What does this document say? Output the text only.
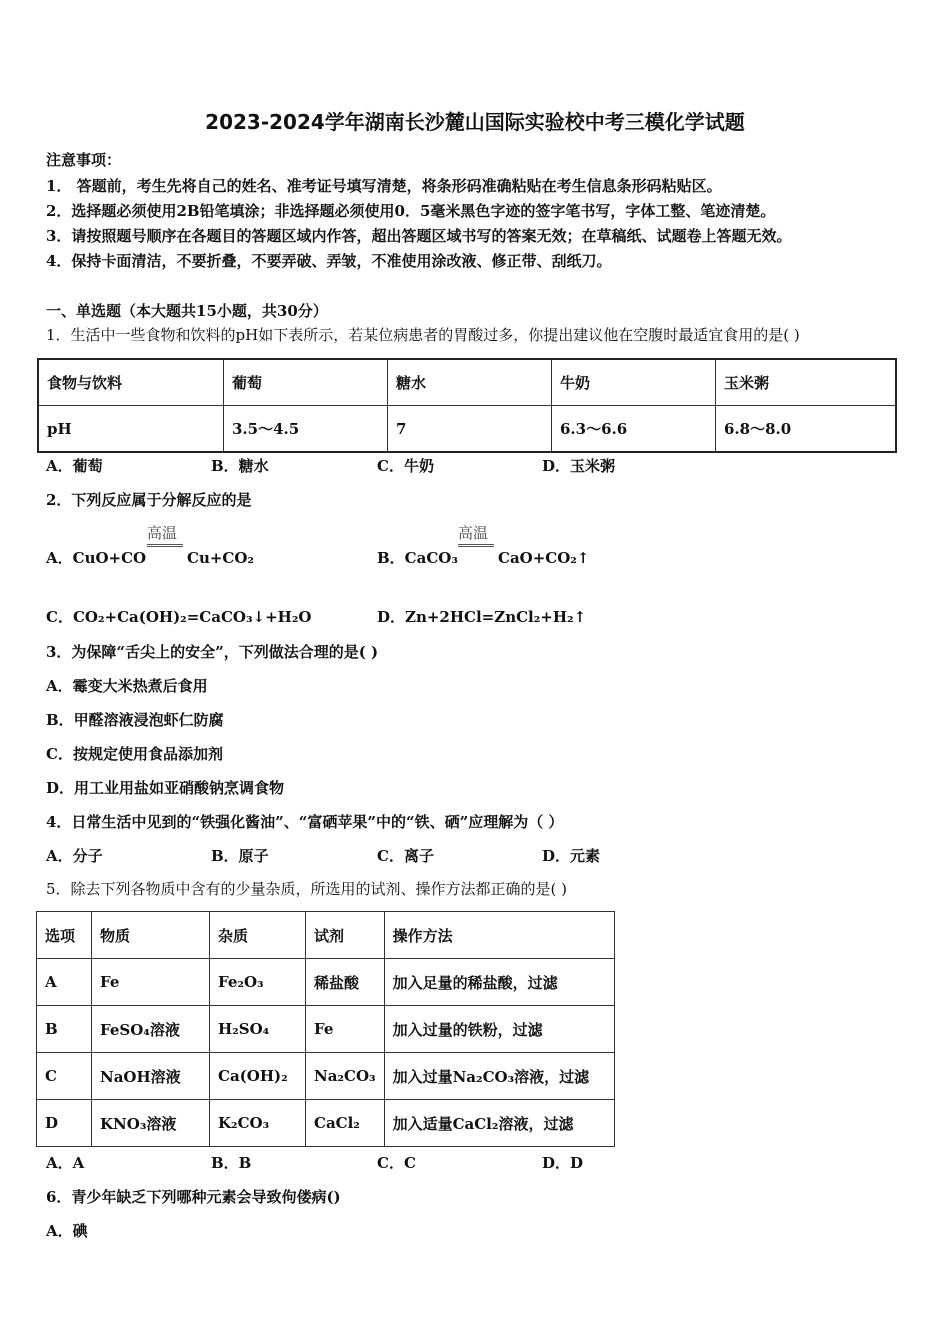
2023-2024学年湖南长沙麓山国际实验校中考三模化学试题
注意事项：
1． 答题前，考生先将自己的姓名、准考证号填写清楚，将条形码准确粘贴在考生信息条形码粘贴区。
2．选择题必须使用2B铅笔填涂；非选择题必须使用0．5毫米黑色字迹的签字笔书写，字体工整、笔迹清楚。
3．请按照题号顺序在各题目的答题区域内作答，超出答题区域书写的答案无效；在草稿纸、试题卷上答题无效。
4．保持卡面清洁，不要折叠，不要弄破、弄皱，不准使用涂改液、修正带、刮纸刀。
一、单选题（本大题共15小题，共30分）
1．生活中一些食物和饮料的pH如下表所示，若某位病患者的胃酸过多，你提出建议他在空腹时最适宜食用的是( )
食物与饮料	葡萄	糖水	牛奶	玉米粥
pH	3.5～4.5	7	6.3～6.6	6.8～8.0
A．葡萄	B．糖水	C．牛奶	D．玉米粥
2．下列反应属于分解反应的是
A．CuO+CO
高温
Cu+CO₂	B．CaCO₃
高温
CaO+CO₂↑
C．CO₂+Ca(OH)₂=CaCO₃↓+H₂O	D．Zn+2HCl=ZnCl₂+H₂↑
3．为保障“舌尖上的安全”，下列做法合理的是( )
A．霉变大米热煮后食用
B．甲醛溶液浸泡虾仁防腐
C．按规定使用食品添加剂
D．用工业用盐如亚硝酸钠烹调食物
4．日常生活中见到的“铁强化酱油”、“富硒苹果”中的“铁、硒”应理解为（ ）
A．分子	B．原子	C．离子	D．元素
5．除去下列各物质中含有的少量杂质，所选用的试剂、操作方法都正确的是( )
选项	物质	杂质	试剂	操作方法
A	Fe	Fe₂O₃	稀盐酸	加入足量的稀盐酸，过滤
B	FeSO₄溶液	H₂SO₄	Fe	加入过量的铁粉，过滤
C	NaOH溶液	Ca(OH)₂	Na₂CO₃	加入过量Na₂CO₃溶液，过滤
D	KNO₃溶液	K₂CO₃	CaCl₂	加入适量CaCl₂溶液，过滤
A．A	B．B	C．C	D．D
6．青少年缺乏下列哪种元素会导致佝偻病()
A．碘
